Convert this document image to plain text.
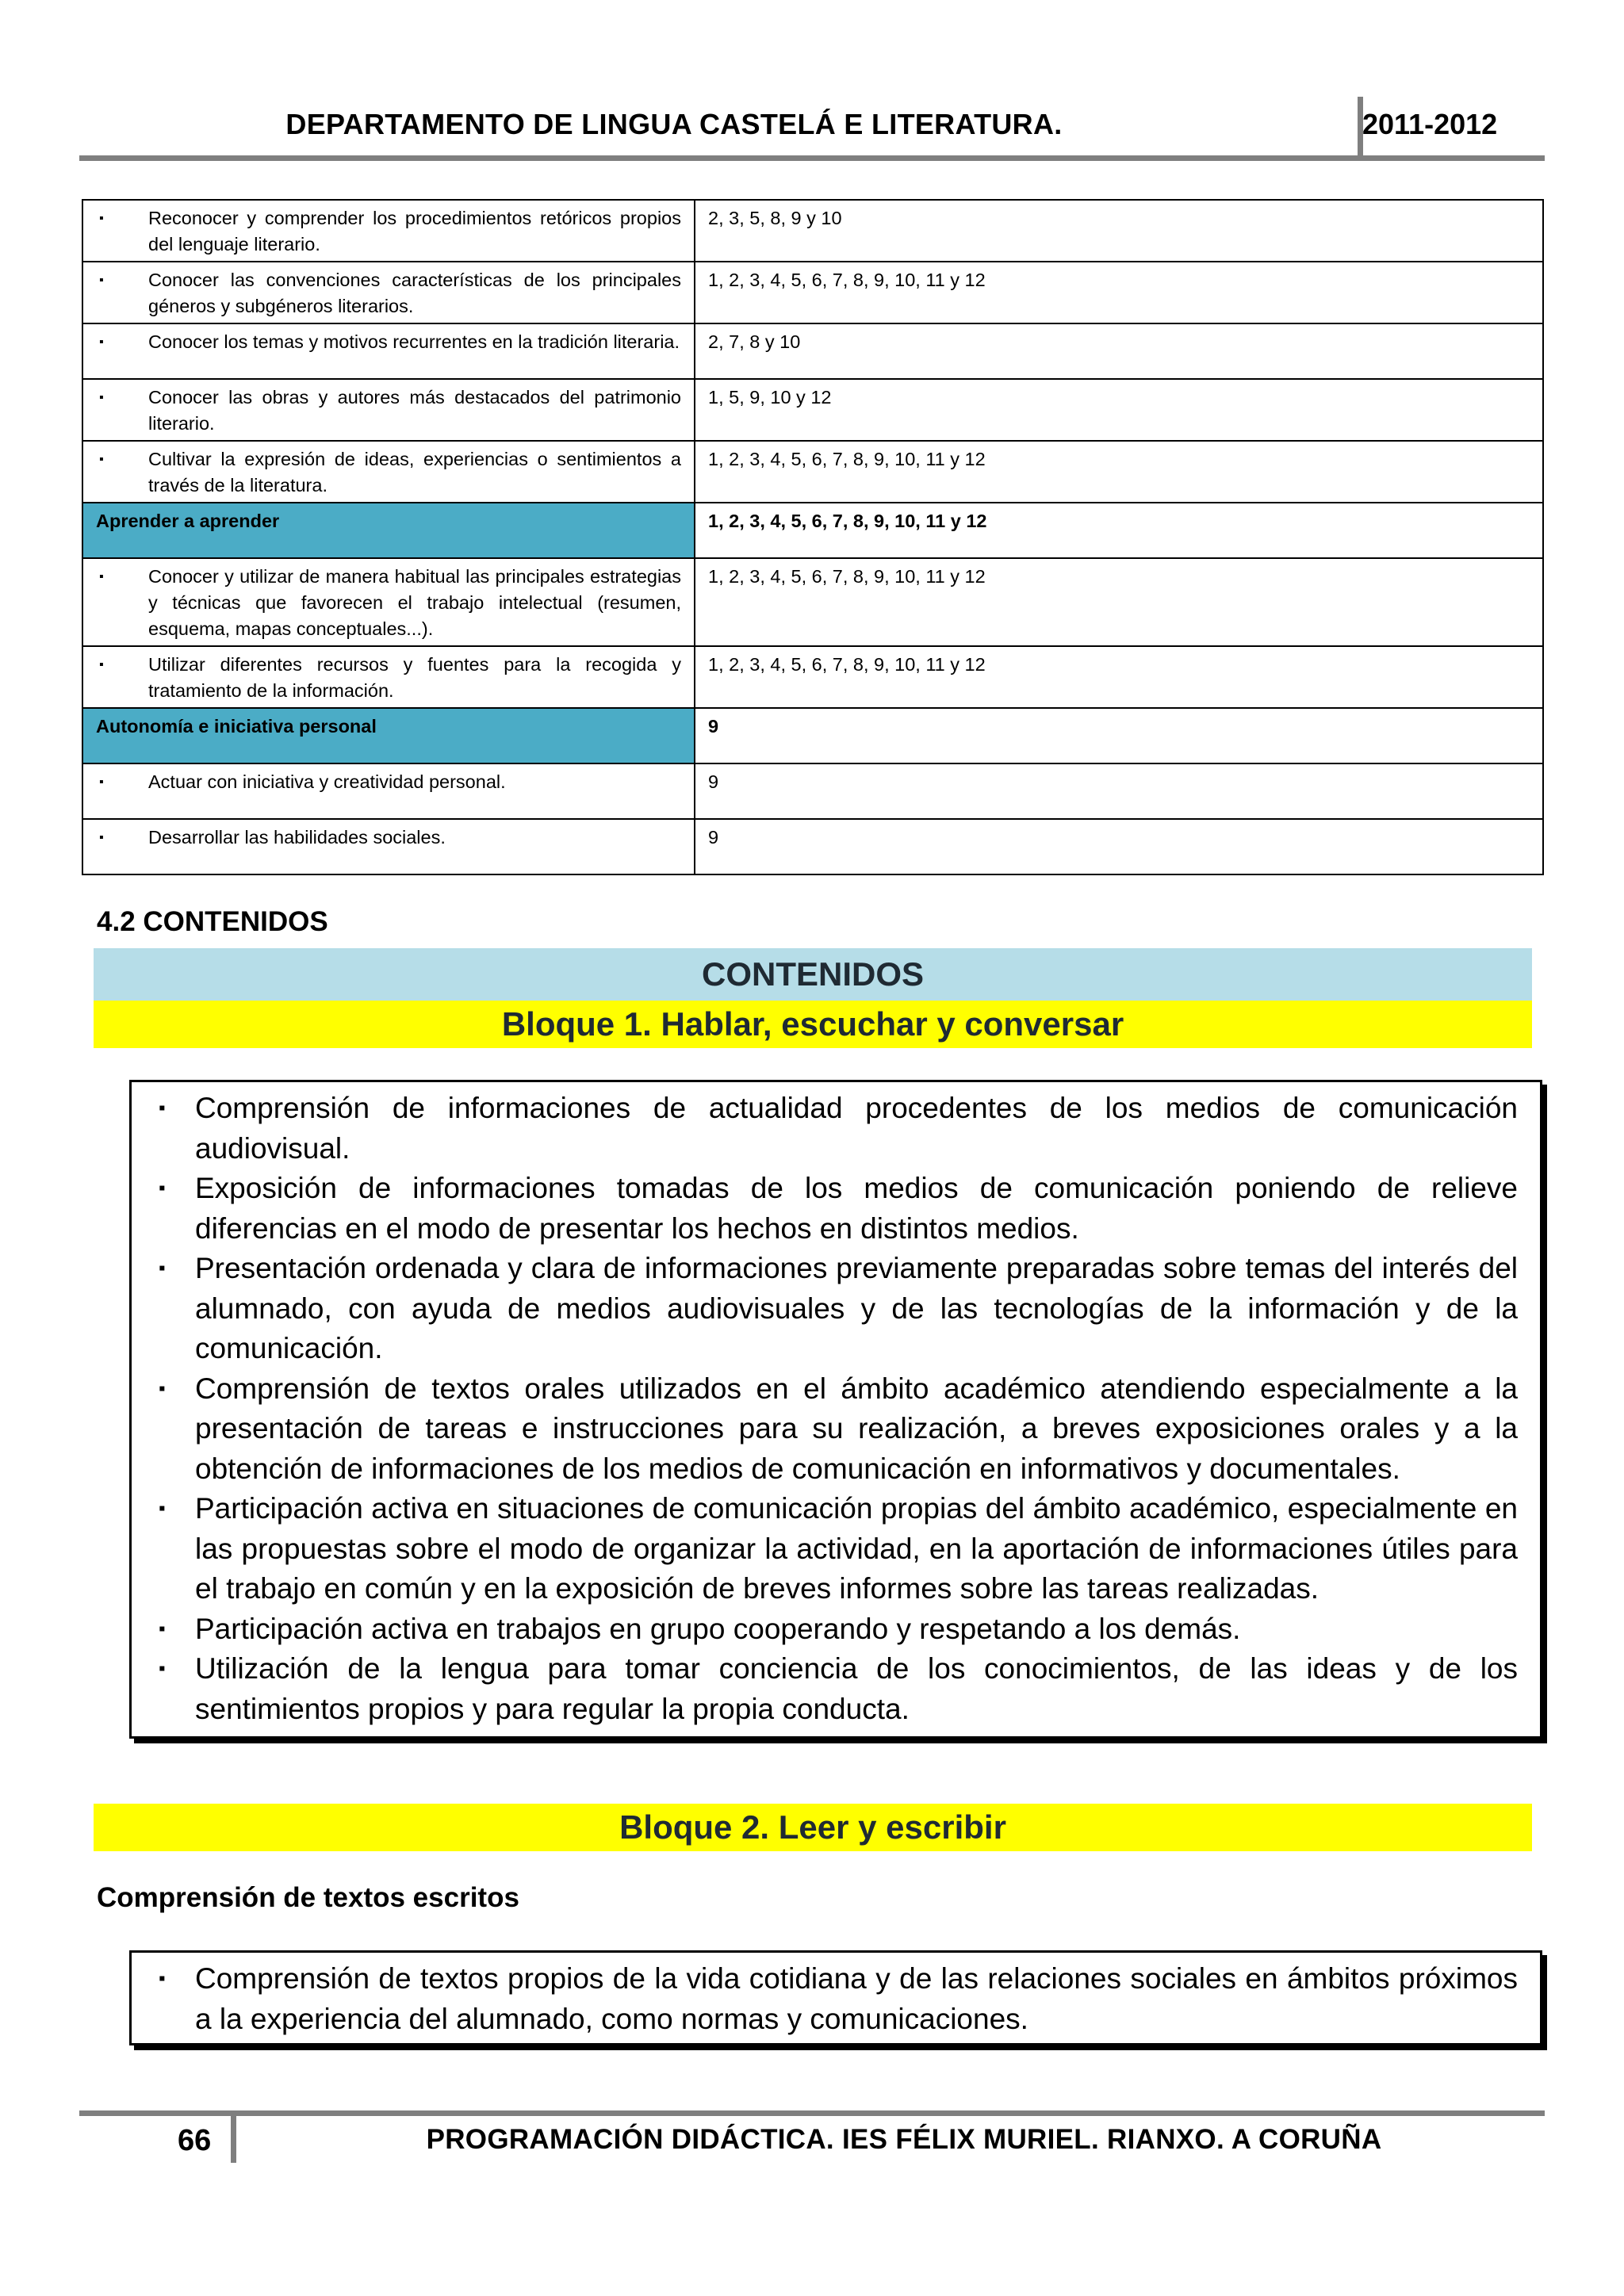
DEPARTAMENTO DE LINGUA CASTELÁ E LITERATURA.	2011-2012
▪ Reconocer y comprender los procedimientos retóricos propios del lenguaje literario.	2, 3, 5, 8, 9 y 10

▪ Conocer las convenciones características de los principales géneros y subgéneros literarios.	1, 2, 3, 4, 5, 6, 7, 8, 9, 10, 11 y 12

▪ Conocer los temas y motivos recurrentes en la tradición literaria.	2, 7, 8 y 10

▪ Conocer las obras y autores más destacados del patrimonio literario.	1, 5, 9, 10 y 12

▪ Cultivar la expresión de ideas, experiencias o sentimientos a través de la literatura.	1, 2, 3, 4, 5, 6, 7, 8, 9, 10, 11 y 12
Aprender a aprender	1, 2, 3, 4, 5, 6, 7, 8, 9, 10, 11 y 12

▪ Conocer y utilizar de manera habitual las principales estrategias y técnicas que favorecen el trabajo intelectual (resumen, esquema, mapas conceptuales...).	1, 2, 3, 4, 5, 6, 7, 8, 9, 10, 11 y 12

▪ Utilizar diferentes recursos y fuentes para la recogida y tratamiento de la información.	1, 2, 3, 4, 5, 6, 7, 8, 9, 10, 11 y 12
Autonomía e iniciativa personal	9

▪ Actuar con iniciativa y creatividad personal.	9

▪ Desarrollar las habilidades sociales.	9
4.2 CONTENIDOS
CONTENIDOS
Bloque 1. Hablar, escuchar y conversar
▪	Comprensión de informaciones de actualidad procedentes de los medios de comunicación audiovisual.
▪	Exposición de informaciones tomadas de los medios de comunicación poniendo de relieve diferencias en el modo de presentar los hechos en distintos medios.
▪	Presentación ordenada y clara de informaciones previamente preparadas sobre temas del interés del alumnado, con ayuda de medios audiovisuales y de las tecnologías de la información y de la comunicación.
▪	Comprensión de textos orales utilizados en el ámbito académico atendiendo especialmente a la presentación de tareas e instrucciones para su realización, a breves exposiciones orales y a la obtención de informaciones de los medios de comunicación en informativos y documentales.
▪	Participación activa en situaciones de comunicación propias del ámbito académico, especialmente en las propuestas sobre el modo de organizar la actividad, en la aportación de informaciones útiles para el trabajo en común y en la exposición de breves informes sobre las tareas realizadas.
▪	Participación activa en trabajos en grupo cooperando y respetando a los demás.
▪	Utilización de la lengua para tomar conciencia de los conocimientos, de las ideas y de los sentimientos propios y para regular la propia conducta.
Bloque 2. Leer y escribir
Comprensión de textos escritos
▪	Comprensión de textos propios de la vida cotidiana y de las relaciones sociales en ámbitos próximos a la experiencia del alumnado, como normas y comunicaciones.
66	PROGRAMACIÓN DIDÁCTICA. IES FÉLIX MURIEL. RIANXO. A CORUÑA
